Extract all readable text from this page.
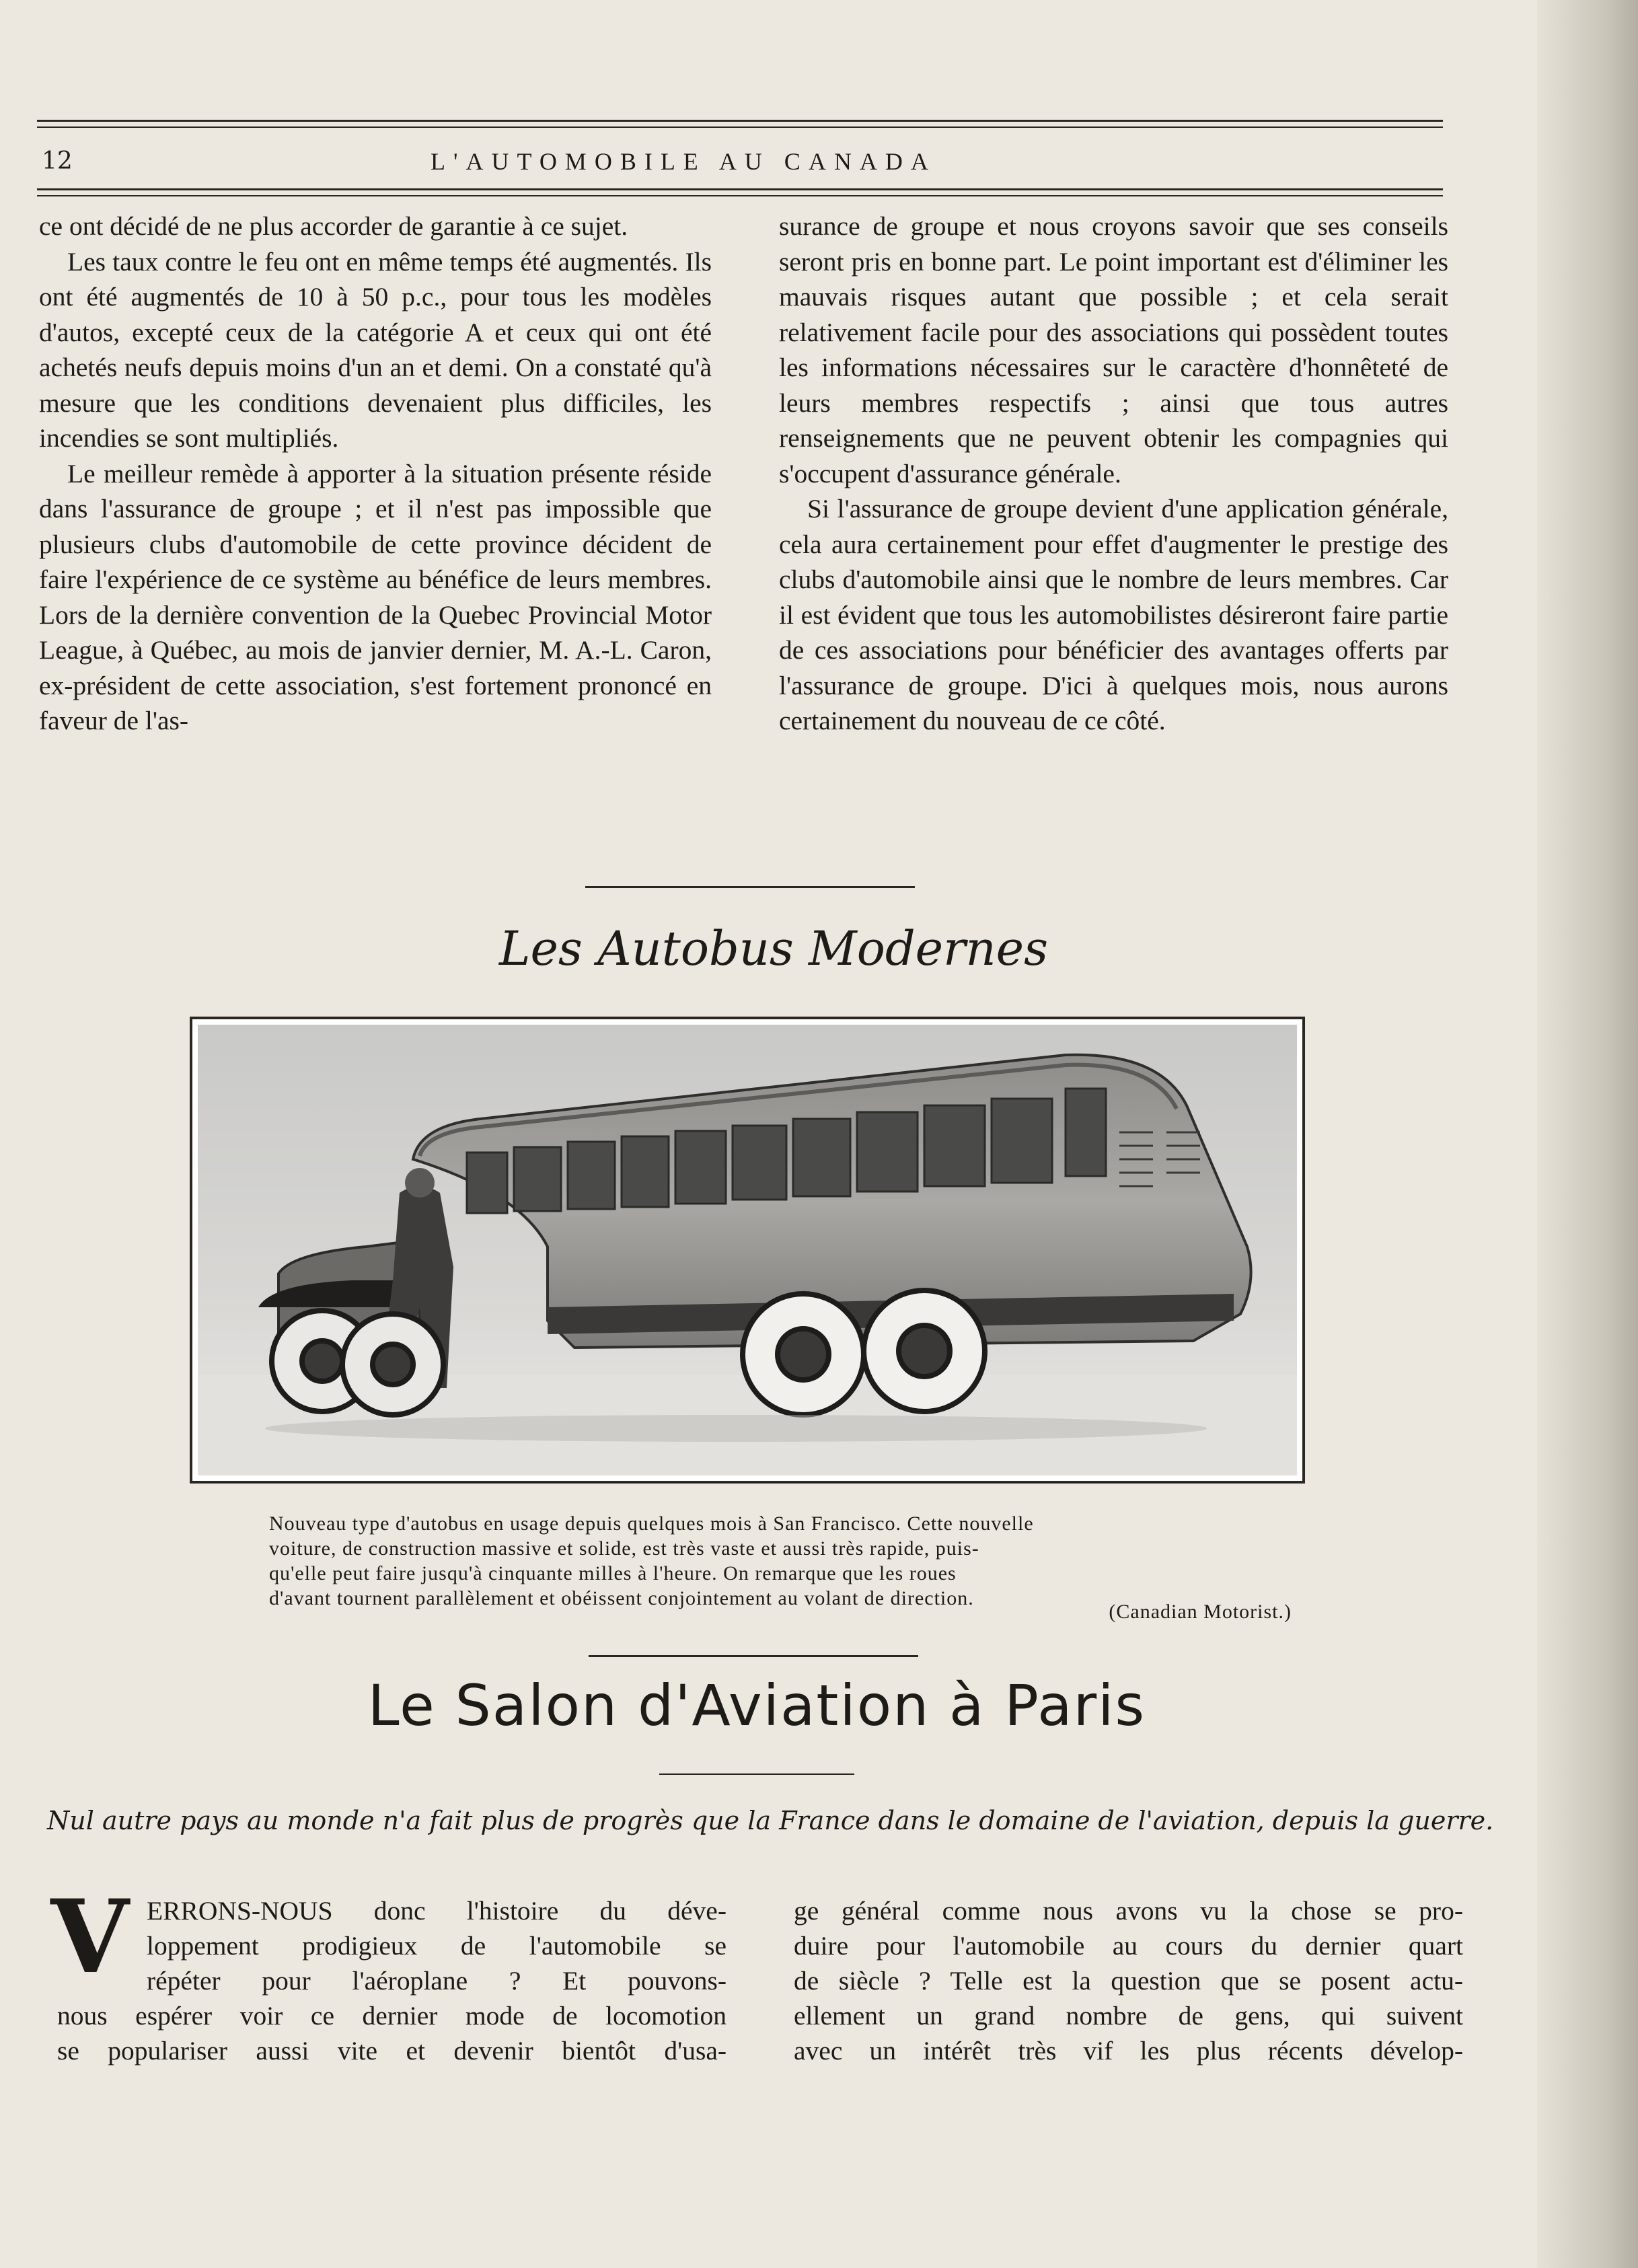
12	L'AUTOMOBILE AU CANADA

ce ont décidé de ne plus accorder de garantie à ce sujet.

Les taux contre le feu ont en même temps été augmentés. Ils ont été augmentés de 10 à 50 p.c., pour tous les modèles d'autos, excepté ceux de la catégorie A et ceux qui ont été achetés neufs depuis moins d'un an et demi. On a constaté qu'à mesure que les conditions devenaient plus difficiles, les incendies se sont multipliés.

Le meilleur remède à apporter à la situation présente réside dans l'assurance de groupe ; et il n'est pas impossible que plusieurs clubs d'automobile de cette province décident de faire l'expérience de ce système au bénéfice de leurs membres. Lors de la dernière convention de la Quebec Provincial Motor League, à Québec, au mois de janvier dernier, M. A.-L. Caron, ex-président de cette association, s'est fortement prononcé en faveur de l'as-

surance de groupe et nous croyons savoir que ses conseils seront pris en bonne part. Le point important est d'éliminer les mauvais risques autant que possible ; et cela serait relativement facile pour des associations qui possèdent toutes les informations nécessaires sur le caractère d'honnêteté de leurs membres respectifs ; ainsi que tous autres renseignements que ne peuvent obtenir les compagnies qui s'occupent d'assurance générale.

Si l'assurance de groupe devient d'une application générale, cela aura certainement pour effet d'augmenter le prestige des clubs d'automobile ainsi que le nombre de leurs membres. Car il est évident que tous les automobilistes désireront faire partie de ces associations pour bénéficier des avantages offerts par l'assurance de groupe. D'ici à quelques mois, nous aurons certainement du nouveau de ce côté.

Les Autobus Modernes
Nouveau type d'autobus en usage depuis quelques mois à San Francisco. Cette nouvelle
voiture, de construction massive et solide, est très vaste et aussi très rapide, puis-
qu'elle peut faire jusqu'à cinquante milles à l'heure. On remarque que les roues
d'avant tournent parallèlement et obéissent conjointement au volant de direction.
(Canadian Motorist.)
Le Salon d'Aviation à Paris
Nul autre pays au monde n'a fait plus de progrès que la France dans le domaine de l'aviation, depuis la guerre.
V ERRONS-NOUS donc l'histoire du déve-
loppement prodigieux de l'automobile se
répéter pour l'aéroplane ? Et pouvons-
nous espérer voir ce dernier mode de locomotion
se populariser aussi vite et devenir bientôt d'usa-
ge général comme nous avons vu la chose se pro-
duire pour l'automobile au cours du dernier quart
de siècle ? Telle est la question que se posent actu-
ellement un grand nombre de gens, qui suivent
avec un intérêt très vif les plus récents dévelop-
